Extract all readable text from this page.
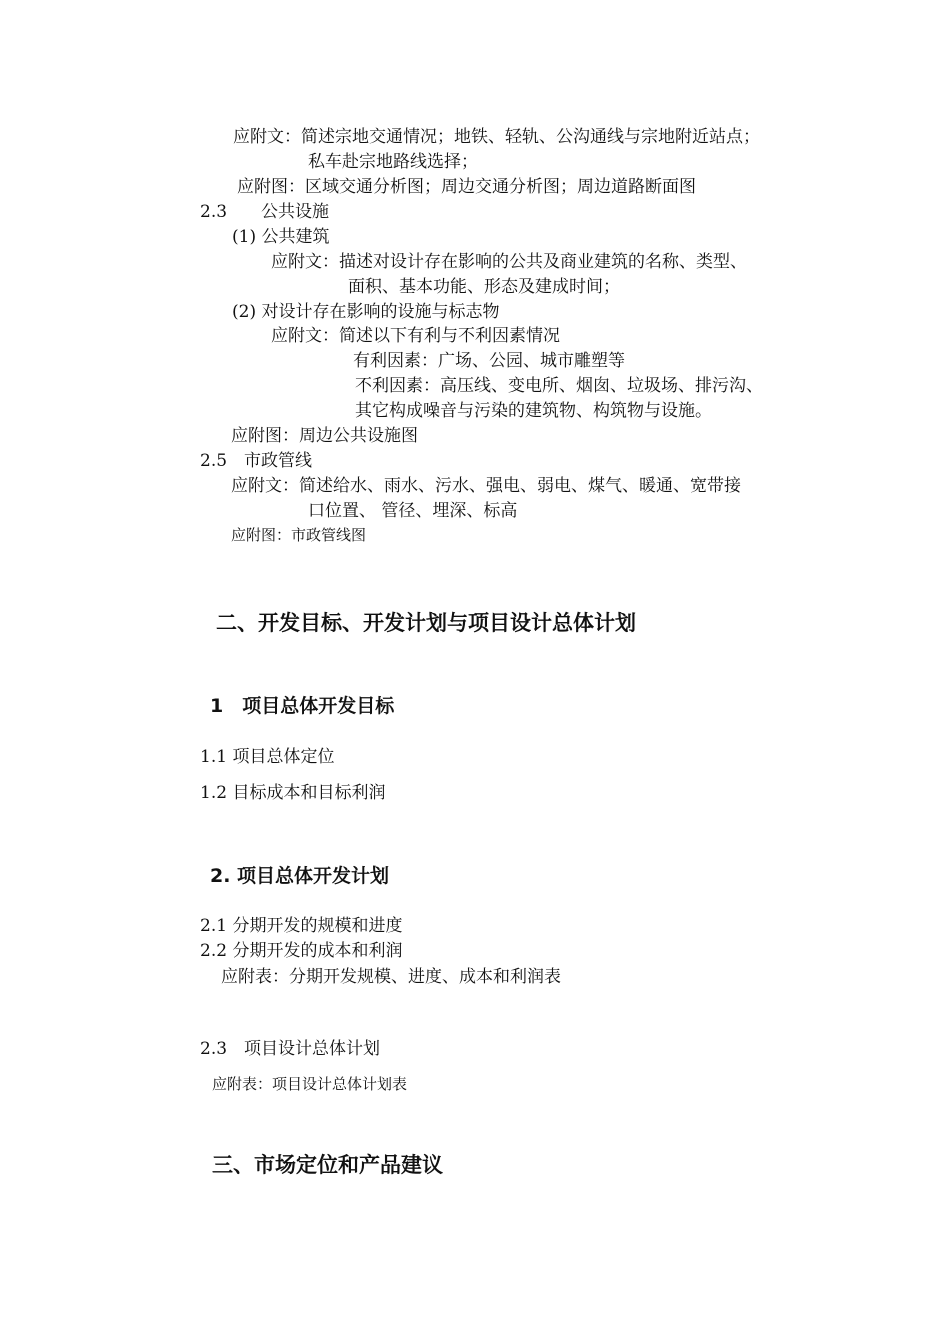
应附文：简述宗地交通情况；地铁、轻轨、公沟通线与宗地附近站点；
私车赴宗地路线选择；
应附图：区域交通分析图；周边交通分析图；周边道路断面图
2.3　　公共设施
(1) 公共建筑
应附文：描述对设计存在影响的公共及商业建筑的名称、类型、
面积、基本功能、形态及建成时间；
(2) 对设计存在影响的设施与标志物
应附文：简述以下有利与不利因素情况
有利因素：广场、公园、城市雕塑等
不利因素：高压线、变电所、烟囱、垃圾场、排污沟、
其它构成噪音与污染的建筑物、构筑物与设施。
应附图：周边公共设施图
2.5　市政管线
应附文：简述给水、雨水、污水、强电、弱电、煤气、暖通、宽带接
口位置、 管径、埋深、标高
应附图：市政管线图
二、开发目标、开发计划与项目设计总体计划
1　项目总体开发目标
1.1 项目总体定位
1.2 目标成本和目标利润
2. 项目总体开发计划
2.1 分期开发的规模和进度
2.2 分期开发的成本和利润
应附表：分期开发规模、进度、成本和利润表
2.3　项目设计总体计划
应附表：项目设计总体计划表
三、市场定位和产品建议
